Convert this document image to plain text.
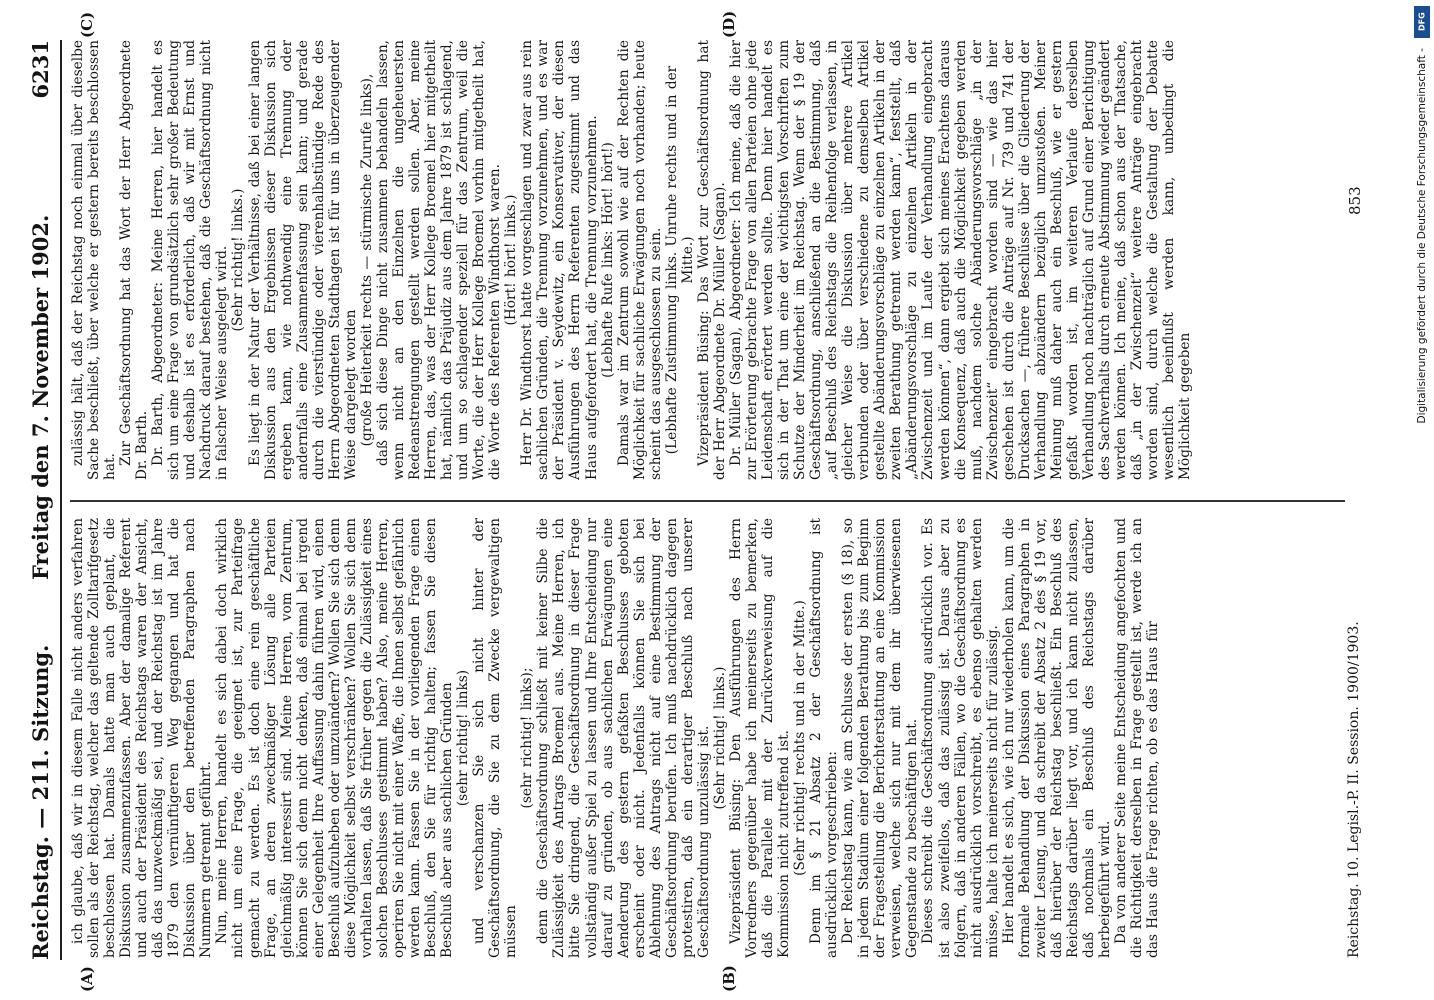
Reichstag. — 211. Sitzung.
Freitag den 7. November 1902.
6231
(A)	(B)
(C)	(D)

ich glaube, daß wir in diesem Falle nicht anders verfahren sollen als der Reichstag, welcher das geltende Zolltarifgesetz beschlossen hat. Damals hatte man auch geplant, die Diskussion zusammenzufassen. Aber der damalige Referent und auch der Präsident des Reichstags waren der Ansicht, daß das unzweckmäßig sei, und der Reichstag ist im Jahre 1879 den vernünftigeren Weg gegangen und hat die Diskussion über den betreffenden Paragraphen nach Nummern getrennt geführt. Nun, meine Herren, handelt es sich dabei doch wirklich nicht um eine Frage, die geeignet ist, zur Parteifrage gemacht zu werden. Es ist doch eine rein geschäftliche Frage, an deren zweckmäßiger Lösung alle Parteien gleichmäßig interessirt sind. Meine Herren, vom Zentrum, können Sie sich denn nicht denken, daß einmal bei irgend einer Gelegenheit Ihre Auffassung dahin führen wird, einen Beschluß aufzuheben oder umzuändern? Wollen Sie sich denn diese Möglichkeit selbst verschränken? Wollen Sie sich denn vorhalten lassen, daß Sie früher gegen die Zulässigkeit eines solchen Beschlusses gestimmt haben? Also, meine Herren, operiren Sie nicht mit einer Waffe, die Ihnen selbst gefährlich werden kann. Fassen Sie in der vorliegenden Frage einen Beschluß, den Sie für richtig halten; fassen Sie diesen Beschluß aber aus sachlichen Gründen (sehr richtig! links) und verschanzen Sie sich nicht hinter der Geschäftsordnung, die Sie zu dem Zwecke vergewaltigen müssen

(sehr richtig! links); denn die Geschäftsordnung schließt mit keiner Silbe die Zulässigkeit des Antrags Broemel aus. Meine Herren, ich bitte Sie dringend, die Geschäftsordnung in dieser Frage vollständig außer Spiel zu lassen und Ihre Entscheidung nur darauf zu gründen, ob aus sachlichen Erwägungen eine Aenderung des gestern gefaßten Beschlusses geboten erscheint oder nicht. Jedenfalls können Sie sich bei Ablehnung des Antrags nicht auf eine Bestimmung der Geschäftsordnung berufen. Ich muß nachdrücklich dagegen protestiren, daß ein derartiger Beschluß nach unserer Geschäftsordnung unzulässig ist. (Sehr richtig! links.) Vizepräsident Büsing: Den Ausführungen des Herrn Vorredners gegenüber habe ich meinerseits zu bemerken, daß die Parallele mit der Zurückverweisung auf die Kommission nicht zutreffend ist. (Sehr richtig! rechts und in der Mitte.) Denn im § 21 Absatz 2 der Geschäftsordnung ist ausdrücklich vorgeschrieben: Der Reichstag kann, wie am Schlusse der ersten (§ 18), so in jedem Stadium einer folgenden Berathung bis zum Beginn der Fragestellung die Berichterstattung an eine Kommission verweisen, welche sich nur mit dem ihr überwiesenen Gegenstande zu beschäftigen hat. Dieses schreibt die Geschäftsordnung ausdrücklich vor. Es ist also zweifellos, daß das zulässig ist. Daraus aber zu folgern, daß in anderen Fällen, wo die Geschäftsordnung es nicht ausdrücklich vorschreibt, es ebenso gehalten werden müsse, halte ich meinerseits nicht für zulässig. Hier handelt es sich, wie ich nur wiederholen kann, um die formale Behandlung der Diskussion eines Paragraphen in zweiter Lesung, und da schreibt der Absatz 2 des § 19 vor, daß hierüber der Reichstag beschließt. Ein Beschluß des Reichstags darüber liegt vor, und ich kann nicht zulassen, daß nochmals ein Beschluß des Reichstags darüber herbeigeführt wird. Da von anderer Seite meine Entscheidung angefochten und die Richtigkeit derselben in Frage gestellt ist, werde ich an das Haus die Frage richten, ob es das Haus für

zulässig hält, daß der Reichstag noch einmal über dieselbe Sache beschließt, über welche er gestern bereits beschlossen hat.

Zur Geschäftsordnung hat das Wort der Herr Abgeordnete Dr. Barth. Dr. Barth, Abgeordneter: Meine Herren, hier handelt es sich um eine Frage von grundsätzlich sehr großer Bedeutung und deshalb ist es erforderlich, daß wir mit Ernst und Nachdruck darauf bestehen, daß die Geschäftsordnung nicht in falscher Weise ausgelegt wird. (Sehr richtig! links.) Es liegt in der Natur der Verhältnisse, daß bei einer langen Diskussion aus den Ergebnissen dieser Diskussion sich ergeben kann, wie nothwendig eine Trennung oder andernfalls eine Zusammenfassung sein kann; und gerade durch die vierstündige oder vierenhalbstündige Rede des Herrn Abgeordneten Stadthagen ist für uns in überzeugender Weise dargelegt worden (große Heiterkeit rechts — stürmische Zurufe links), daß sich diese Dinge nicht zusammen behandeln lassen, wenn nicht an den Einzelnen die ungeheuersten Redeanstrengungen gestellt werden sollen. Aber, meine Herren, das, was der Herr Kollege Broemel hier mitgetheilt hat, nämlich das Präjudiz aus dem Jahre 1879 ist schlagend, und um so schlagender speziell für das Zentrum, weil die Worte, die der Herr Kollege Broemel vorhin mitgetheilt hat, die Worte des Referenten Windthorst waren. (Hört! hört! links.) Herr Dr. Windthorst hatte vorgeschlagen und zwar aus rein sachlichen Gründen, die Trennung vorzunehmen, und es war der Präsident v. Seydewitz, ein Konservativer, der diesen Ausführungen des Herrn Referenten zugestimmt und das Haus aufgefordert hat, die Trennung vorzunehmen. (Lebhafte Rufe links: Hört! hört!) Damals war im Zentrum sowohl wie auf der Rechten die Möglichkeit für sachliche Erwägungen noch vorhanden; heute scheint das ausgeschlossen zu sein. (Lebhafte Zustimmung links. Unruhe rechts und in der Mitte.) Vizepräsident Büsing: Das Wort zur Geschäftsordnung hat der Herr Abgeordnete Dr. Müller (Sagan). Dr. Müller (Sagan), Abgeordneter: Ich meine, daß die hier zur Erörterung gebrachte Frage von allen Parteien ohne jede Leidenschaft erörtert werden sollte. Denn hier handelt es sich in der That um eine der wichtigsten Vorschriften zum Schutze der Minderheit im Reichstag. Wenn der § 19 der Geschäftsordnung, anschließend an die Bestimmung, daß „auf Beschluß des Reichstags die Reihenfolge verlassen, in gleicher Weise die Diskussion über mehrere Artikel verbunden oder über verschiedene zu demselben Artikel gestellte Abänderungsvorschläge zu einzelnen Artikeln in der zweiten Berathung getrennt werden kann“, feststellt, daß „Abänderungsvorschläge zu einzelnen Artikeln in der Zwischenzeit und im Laufe der Verhandlung eingebracht werden können“, dann ergiebt sich meines Erachtens daraus die Konsequenz, daß auch die Möglichkeit gegeben werden muß, nachdem solche Abänderungsvorschläge „in der Zwischenzeit“ eingebracht worden sind — wie das hier geschehen ist durch die Anträge auf Nr. 739 und 741 der Drucksachen —, frühere Beschlüsse über die Gliederung der Verhandlung abzuändern bezüglich umzustoßen. Meiner Meinung muß daher auch ein Beschluß, wie er gestern gefaßt worden ist, im weiteren Verlaufe derselben Verhandlung noch nachträglich auf Grund einer Berichtigung des Sachverhalts durch erneute Abstimmung wieder geändert werden können. Ich meine, daß schon aus der Thatsache, daß „in der Zwischenzeit“ weitere Anträge eingebracht worden sind, durch welche die Gestaltung der Debatte wesentlich beeinflußt werden kann, unbedingt die Möglichkeit gegeben

Reichstag. 10. Legisl.-P. II. Session. 1900/1903.
853
DFG
Digitalisierung gefördert durch die Deutsche Forschungsgemeinschaft -
